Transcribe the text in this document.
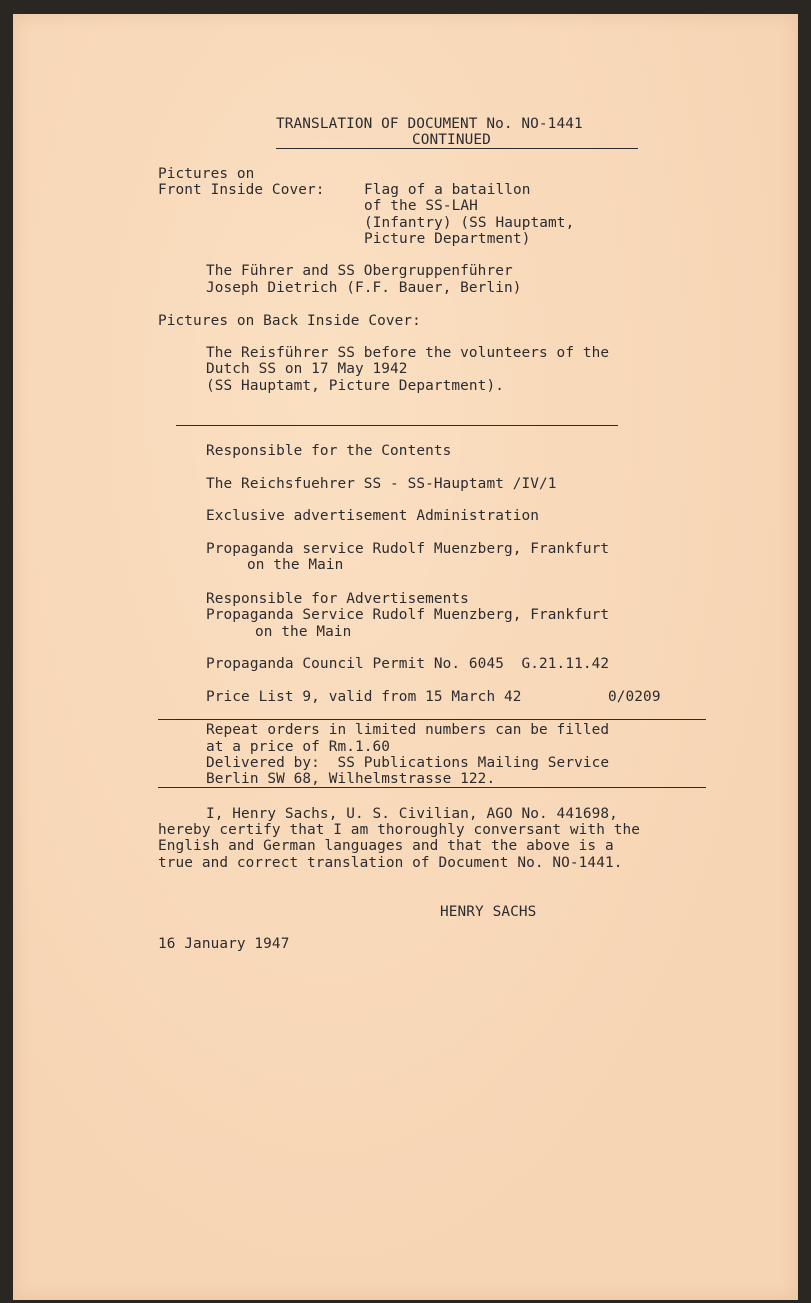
TRANSLATION OF DOCUMENT No. NO-1441
CONTINUED
Pictures on
Front Inside Cover:	Flag of a bataillon
of the SS-LAH
(Infantry) (SS Hauptamt,
Picture Department)
The Führer and SS Obergruppenführer
Joseph Dietrich (F.F. Bauer, Berlin)
Pictures on Back Inside Cover:
The Reisführer SS before the volunteers of the
Dutch SS on 17 May 1942
(SS Hauptamt, Picture Department).
Responsible for the Contents
The Reichsfuehrer SS - SS-Hauptamt /IV/1
Exclusive advertisement Administration
Propaganda service Rudolf Muenzberg, Frankfurt
on the Main
Responsible for Advertisements
Propaganda Service Rudolf Muenzberg, Frankfurt
on the Main
Propaganda Council Permit No. 6045  G.21.11.42
Price List 9, valid from 15 March 42	0/0209
Repeat orders in limited numbers can be filled
at a price of Rm.1.60
Delivered by:  SS Publications Mailing Service
Berlin SW 68, Wilhelmstrasse 122.
I, Henry Sachs, U. S. Civilian, AGO No. 441698,
hereby certify that I am thoroughly conversant with the
English and German languages and that the above is a
true and correct translation of Document No. NO-1441.
HENRY SACHS
16 January 1947
